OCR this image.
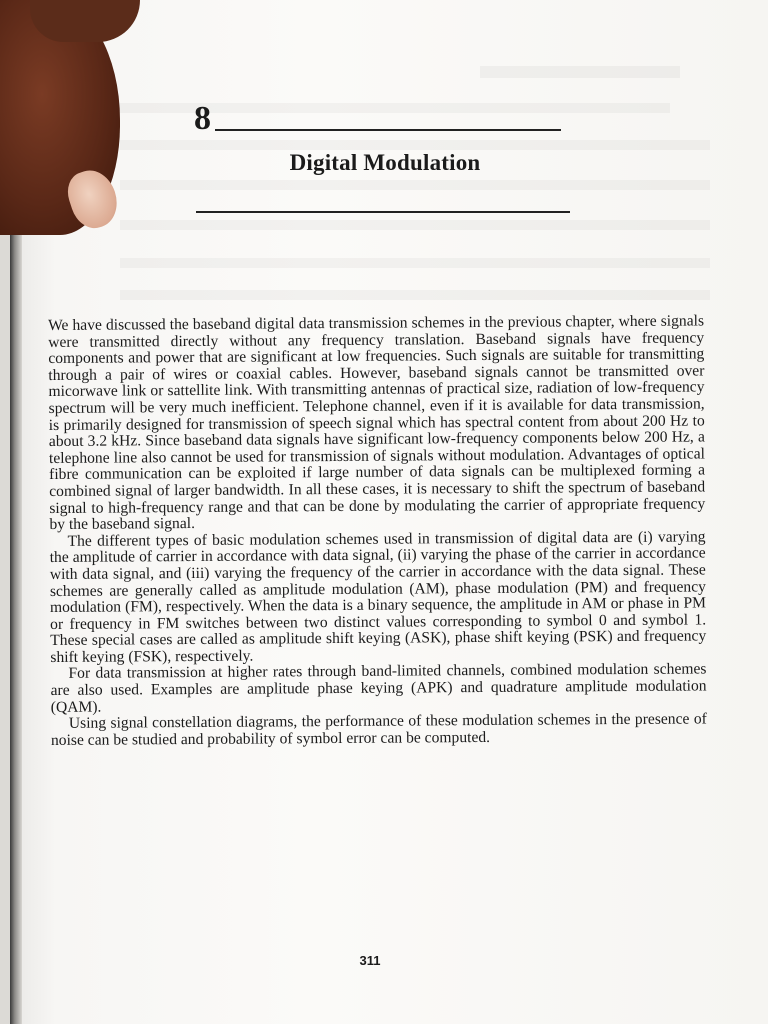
8
Digital Modulation

We have discussed the baseband digital data transmission schemes in the previous chapter, where signals were transmitted directly without any frequency translation. Baseband signals have frequency components and power that are significant at low frequencies. Such signals are suitable for transmitting through a pair of wires or coaxial cables. However, baseband signals cannot be transmitted over micorwave link or sattellite link. With transmitting antennas of practical size, radiation of low-frequency spectrum will be very much inefficient. Telephone channel, even if it is available for data transmission, is primarily designed for transmission of speech signal which has spectral content from about 200 Hz to about 3.2 kHz. Since baseband data signals have significant low-frequency components below 200 Hz, a telephone line also cannot be used for transmission of signals without modulation. Advantages of optical fibre communication can be exploited if large number of data signals can be multiplexed forming a combined signal of larger bandwidth. In all these cases, it is necessary to shift the spectrum of baseband signal to high-frequency range and that can be done by modulating the carrier of appropriate frequency by the baseband signal.

The different types of basic modulation schemes used in transmission of digital data are (i) varying the amplitude of carrier in accordance with data signal, (ii) varying the phase of the carrier in accordance with data signal, and (iii) varying the frequency of the carrier in accordance with the data signal. These schemes are generally called as amplitude modulation (AM), phase modulation (PM) and frequency modulation (FM), respectively. When the data is a binary sequence, the amplitude in AM or phase in PM or frequency in FM switches between two distinct values corresponding to symbol 0 and symbol 1. These special cases are called as amplitude shift keying (ASK), phase shift keying (PSK) and frequency shift keying (FSK), respectively.

For data transmission at higher rates through band-limited channels, combined modulation schemes are also used. Examples are amplitude phase keying (APK) and quadrature amplitude modulation (QAM).

Using signal constellation diagrams, the performance of these modulation schemes in the presence of noise can be studied and probability of symbol error can be computed.

311
